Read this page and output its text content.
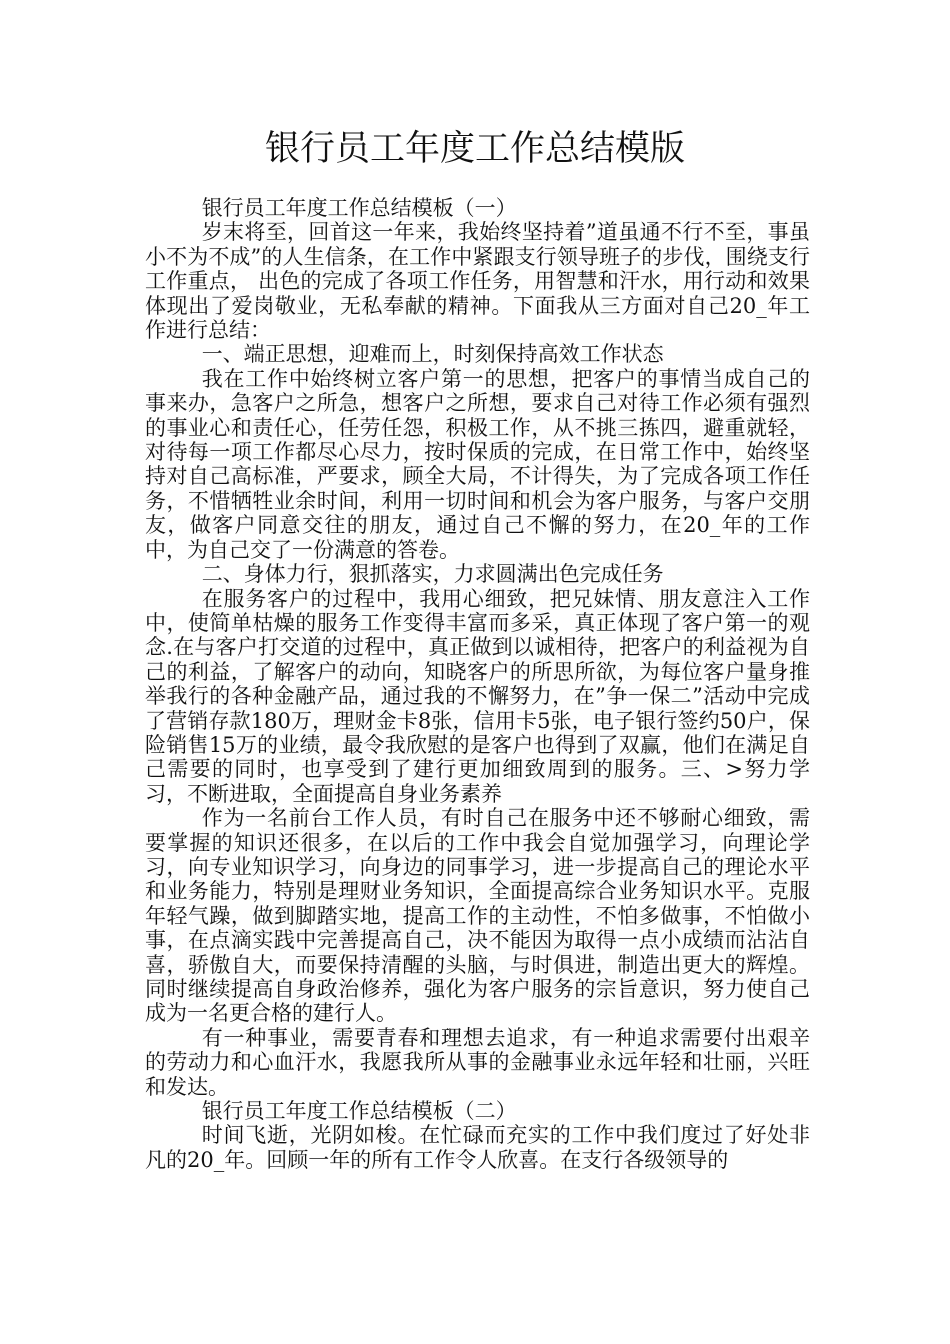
银行员工年度工作总结模版

银行员工年度工作总结模板（一）

岁末将至，回首这一年来，我始终坚持着”道虽通不行不至，事虽小不为不成”的人生信条，在工作中紧跟支行领导班子的步伐，围绕支行工作重点， 出色的完成了各项工作任务，用智慧和汗水，用行动和效果体现出了爱岗敬业，无私奉献的精神。下面我从三方面对自己20_年工作进行总结：

一、端正思想，迎难而上，时刻保持高效工作状态

我在工作中始终树立客户第一的思想，把客户的事情当成自己的事来办，急客户之所急，想客户之所想，要求自己对待工作必须有强烈的事业心和责任心，任劳任怨，积极工作，从不挑三拣四，避重就轻，对待每一项工作都尽心尽力，按时保质的完成，在日常工作中，始终坚持对自己高标准，严要求，顾全大局，不计得失，为了完成各项工作任务，不惜牺牲业余时间，利用一切时间和机会为客户服务，与客户交朋友，做客户同意交往的朋友，通过自己不懈的努力，在20_年的工作中，为自己交了一份满意的答卷。

二、身体力行，狠抓落实，力求圆满出色完成任务

在服务客户的过程中，我用心细致，把兄妹情、朋友意注入工作中，使简单枯燥的服务工作变得丰富而多采，真正体现了客户第一的观念.在与客户打交道的过程中，真正做到以诚相待，把客户的利益视为自己的利益，了解客户的动向，知晓客户的所思所欲，为每位客户量身推举我行的各种金融产品，通过我的不懈努力，在”争一保二”活动中完成了营销存款180万，理财金卡8张，信用卡5张，电子银行签约50户，保险销售15万的业绩，最令我欣慰的是客户也得到了双赢，他们在满足自己需要的同时，也享受到了建行更加细致周到的服务。三、>努力学习，不断进取，全面提高自身业务素养

作为一名前台工作人员，有时自己在服务中还不够耐心细致，需要掌握的知识还很多，在以后的工作中我会自觉加强学习，向理论学习，向专业知识学习，向身边的同事学习，进一步提高自己的理论水平和业务能力，特别是理财业务知识，全面提高综合业务知识水平。克服年轻气躁，做到脚踏实地，提高工作的主动性，不怕多做事，不怕做小事，在点滴实践中完善提高自己，决不能因为取得一点小成绩而沾沾自喜，骄傲自大，而要保持清醒的头脑，与时俱进，制造出更大的辉煌。同时继续提高自身政治修养，强化为客户服务的宗旨意识，努力使自己成为一名更合格的建行人。

有一种事业，需要青春和理想去追求，有一种追求需要付出艰辛的劳动力和心血汗水，我愿我所从事的金融事业永远年轻和壮丽，兴旺和发达。

银行员工年度工作总结模板（二）

时间飞逝，光阴如梭。在忙碌而充实的工作中我们度过了好处非凡的20_年。回顾一年的所有工作令人欣喜。在支行各级领导的
